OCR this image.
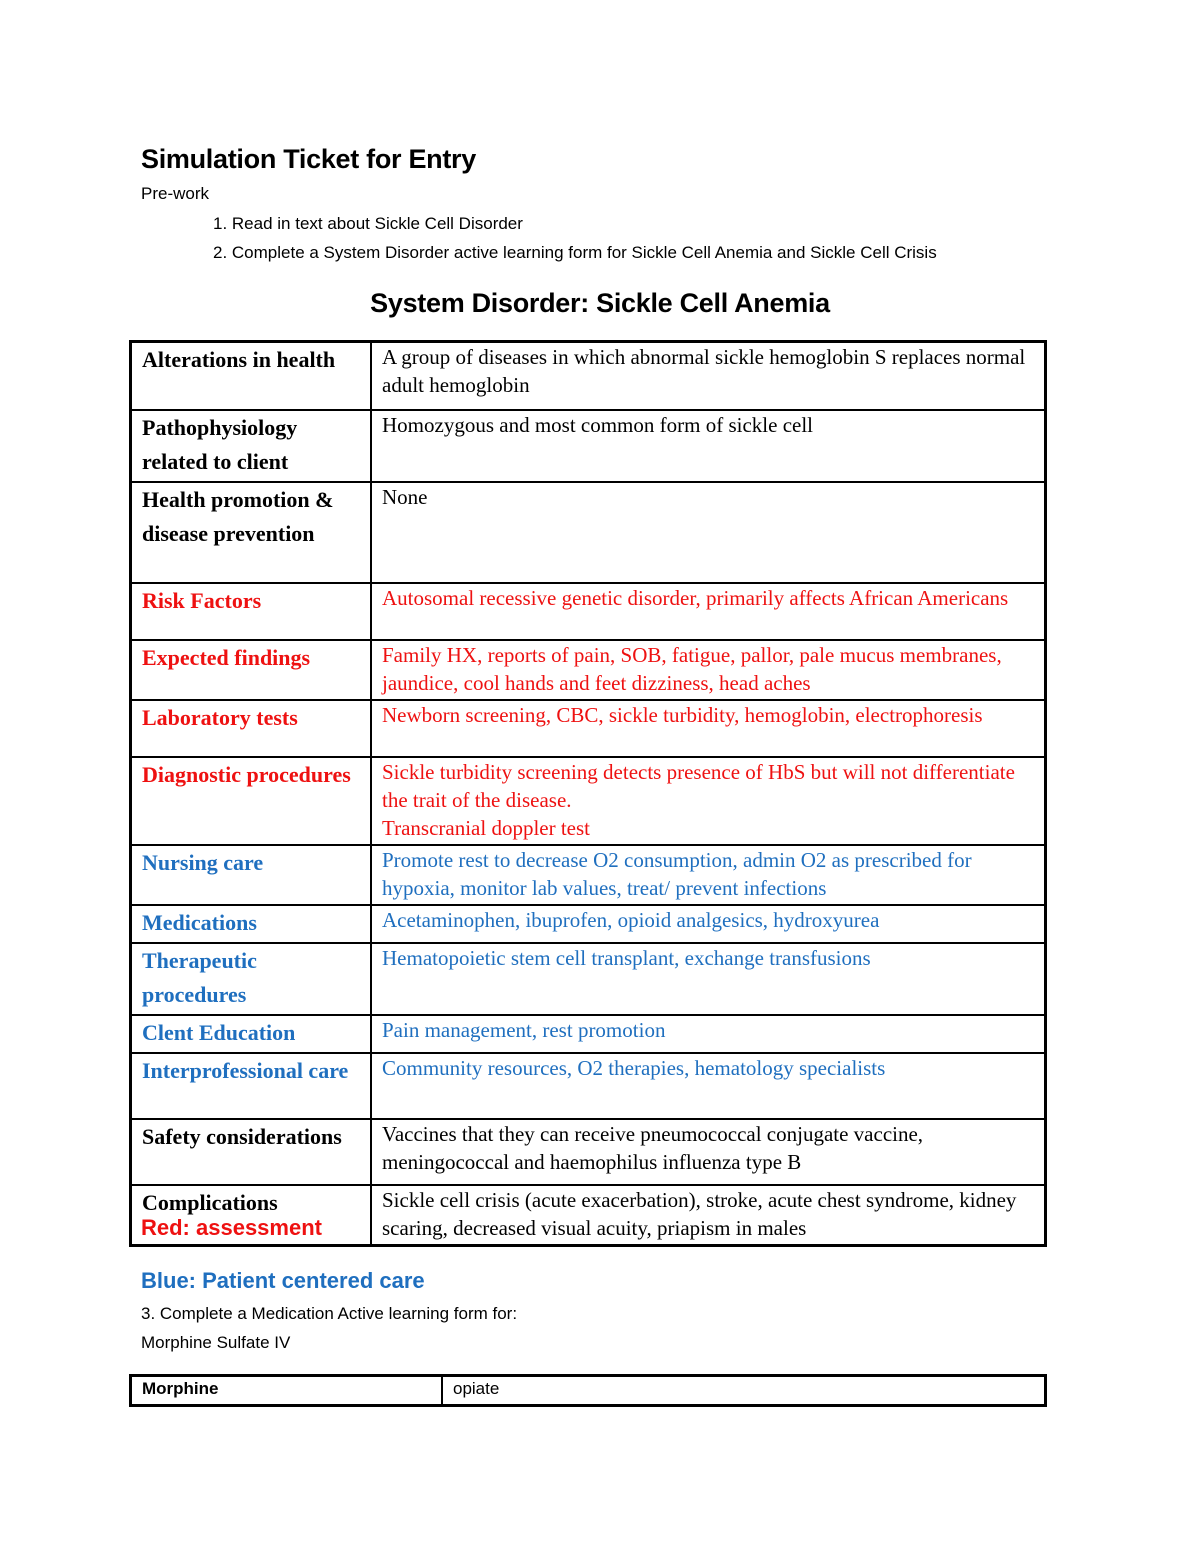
Simulation Ticket for Entry
Pre-work
1. Read in text about Sickle Cell Disorder
2. Complete a System Disorder active learning form for Sickle Cell Anemia and Sickle Cell Crisis
System Disorder: Sickle Cell Anemia
Alterations in health	A group of diseases in which abnormal sickle hemoglobin S replaces normal adult hemoglobin
Pathophysiology related to client	Homozygous and most common form of sickle cell
Health promotion & disease prevention	None
Risk Factors	Autosomal recessive genetic disorder, primarily affects African Americans
Expected findings	Family HX, reports of pain, SOB, fatigue, pallor, pale mucus membranes, jaundice, cool hands and feet dizziness, head aches
Laboratory tests	Newborn screening, CBC, sickle turbidity, hemoglobin, electrophoresis
Diagnostic procedures	Sickle turbidity screening detects presence of HbS but will not differentiate the trait of the disease.
Transcranial doppler test
Nursing care	Promote rest to decrease O2 consumption, admin O2 as prescribed for hypoxia, monitor lab values, treat/ prevent infections
Medications	Acetaminophen, ibuprofen, opioid analgesics, hydroxyurea
Therapeutic procedures	Hematopoietic stem cell transplant, exchange transfusions
Clent Education	Pain management, rest promotion
Interprofessional care	Community resources, O2 therapies, hematology specialists
Safety considerations	Vaccines that they can receive pneumococcal conjugate vaccine, meningococcal and haemophilus influenza type B
Complications	Sickle cell crisis (acute exacerbation), stroke, acute chest syndrome, kidney scaring, decreased visual acuity, priapism in males
Red: assessment
Blue: Patient centered care
3. Complete a Medication Active learning form for:
Morphine Sulfate IV
Morphine	opiate
